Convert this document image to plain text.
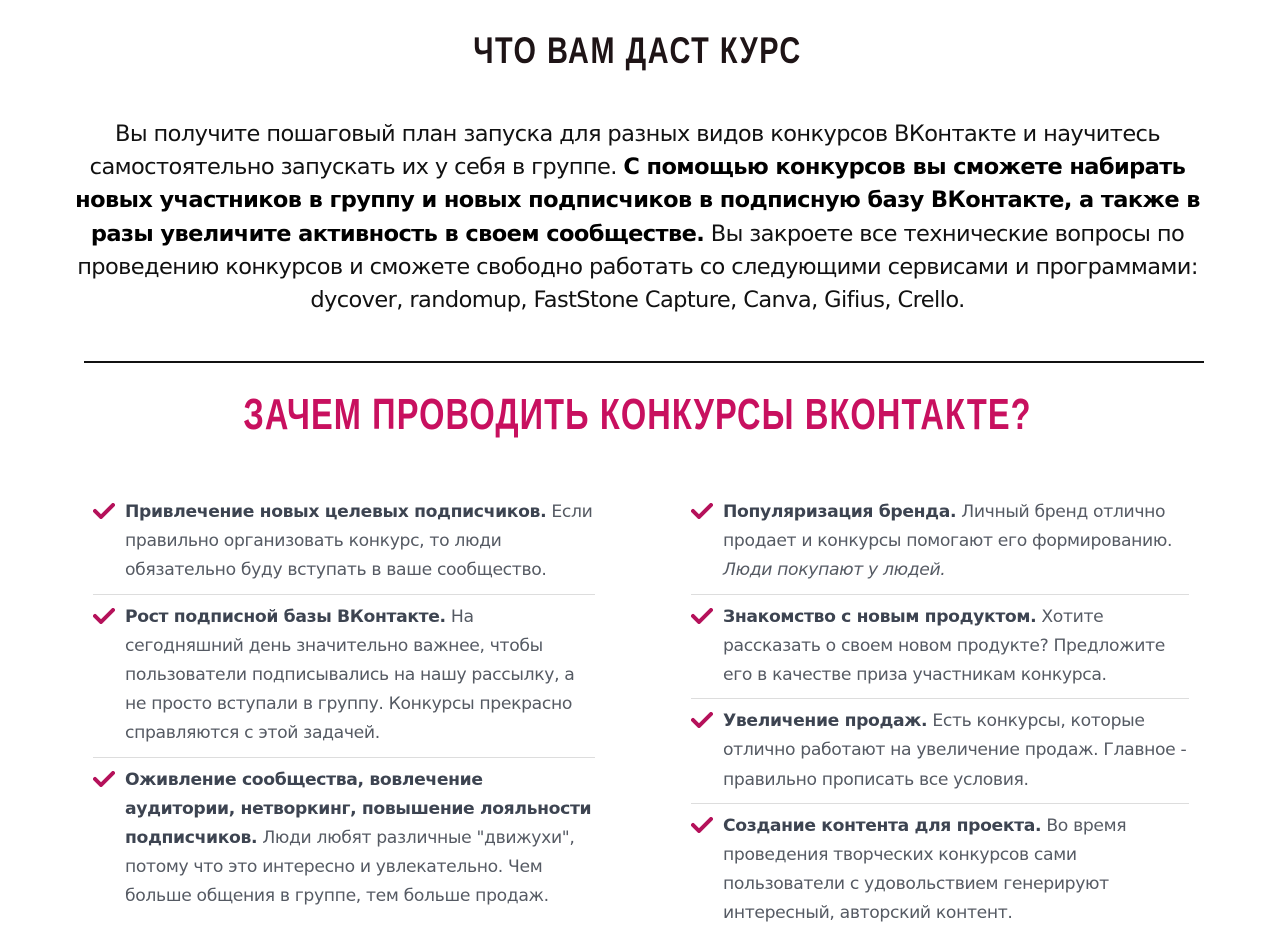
ЧТО ВАМ ДАСТ КУРС

Вы получите пошаговый план запуска для разных видов конкурсов ВКонтакте и научитесь самостоятельно запускать их у себя в группе. С помощью конкурсов вы сможете набирать новых участников в группу и новых подписчиков в подписную базу ВКонтакте, а также в разы увеличите активность в своем сообществе. Вы закроете все технические вопросы по проведению конкурсов и сможете свободно работать со следующими сервисами и программами: dycover, randomup, FastStone Capture, Canva, Gifius, Crello.

ЗАЧЕМ ПРОВОДИТЬ КОНКУРСЫ ВКОНТАКТЕ?
Привлечение новых целевых подписчиков. Если правильно организовать конкурс, то люди обязательно буду вступать в ваше сообщество.
Рост подписной базы ВКонтакте. На сегодняшний день значительно важнее, чтобы пользователи подписывались на нашу рассылку, а не просто вступали в группу. Конкурсы прекрасно справляются с этой задачей.
Оживление сообщества, вовлечение аудитории, нетворкинг, повышение лояльности подписчиков. Люди любят различные "движухи", потому что это интересно и увлекательно. Чем больше общения в группе, тем больше продаж.
Популяризация бренда. Личный бренд отлично продает и конкурсы помогают его формированию. Люди покупают у людей.
Знакомство с новым продуктом. Хотите рассказать о своем новом продукте? Предложите его в качестве приза участникам конкурса.
Увеличение продаж. Есть конкурсы, которые отлично работают на увеличение продаж. Главное - правильно прописать все условия.
Создание контента для проекта. Во время проведения творческих конкурсов сами пользователи с удовольствием генерируют интересный, авторский контент.
